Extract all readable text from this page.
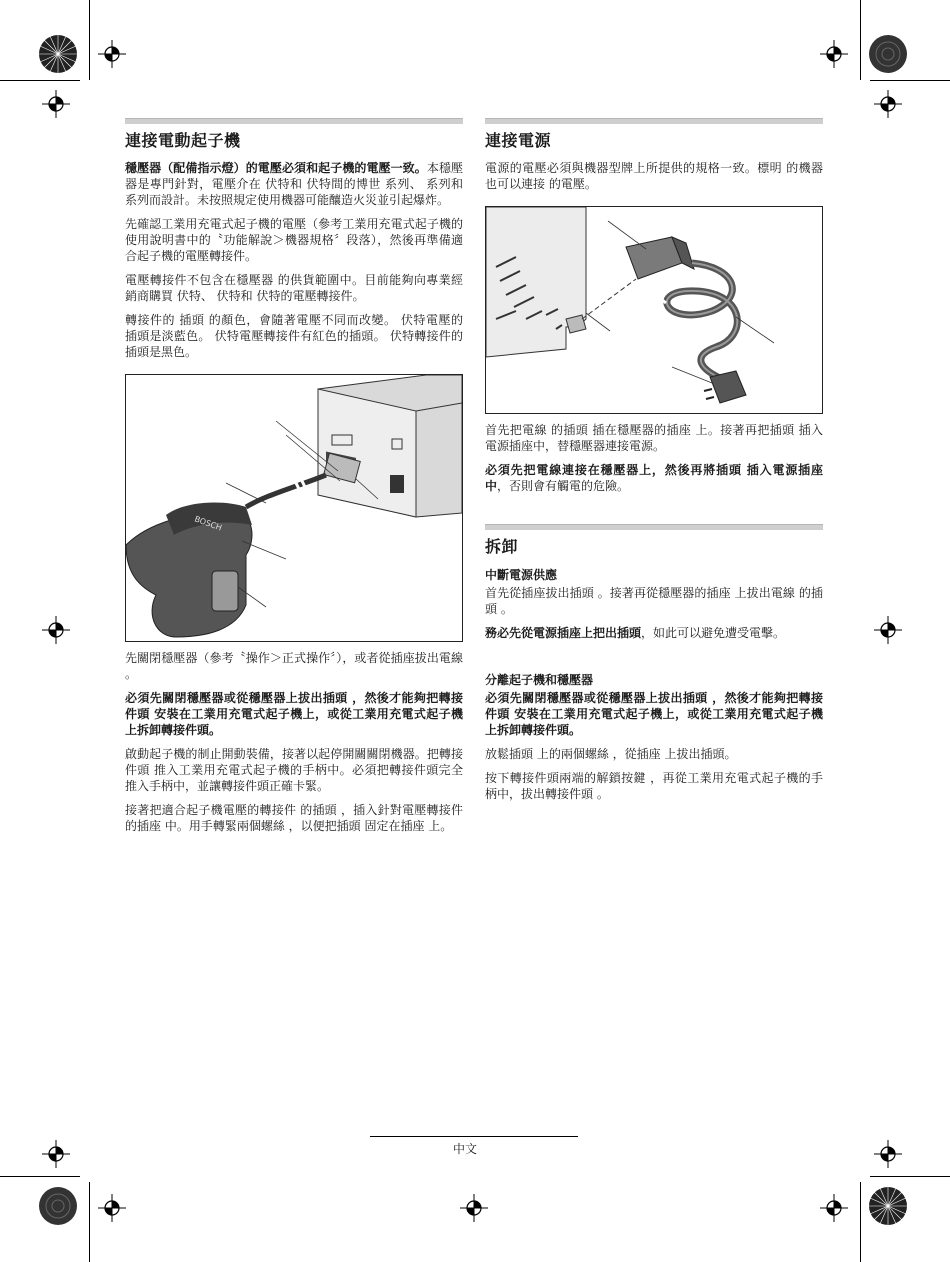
連接電動起子機

穩壓器（配備指示燈）的電壓必須和起子機的電壓一致。本穩壓器是專門針對，電壓介在 伏特和 伏特間的博世 系列、 系列和 系列而設計。未按照規定使用機器可能釀造火災並引起爆炸。

先確認工業用充電式起子機的電壓（參考工業用充電式起子機的使用說明書中的〝功能解說＞機器規格〞段落），然後再準備適合起子機的電壓轉接件。

電壓轉接件不包含在穩壓器 的供貨範圍中。目前能夠向專業經銷商購買 伏特、 伏特和 伏特的電壓轉接件。

轉接件的 插頭 的顏色，會隨著電壓不同而改變。 伏特電壓的 插頭是淡藍色。 伏特電壓轉接件有紅色的插頭。 伏特轉接件的插頭是黑色。

BOSCH

先關閉穩壓器（參考〝操作＞正式操作〞），或者從插座拔出電線 。

必須先關閉穩壓器或從穩壓器上拔出插頭 ，然後才能夠把轉接件頭 安裝在工業用充電式起子機上，或從工業用充電式起子機上拆卸轉接件頭。

啟動起子機的制止開動裝備，接著以起停開關關閉機器。把轉接件頭 推入工業用充電式起子機的手柄中。必須把轉接件頭完全推入手柄中，並讓轉接件頭正確卡緊。

接著把適合起子機電壓的轉接件 的插頭 ，插入針對電壓轉接件的插座 中。用手轉緊兩個螺絲 ，以便把插頭 固定在插座 上。

連接電源

電源的電壓必須與機器型牌上所提供的規格一致。標明 的機器也可以連接 的電壓。

首先把電線 的插頭 插在穩壓器的插座 上。接著再把插頭 插入電源插座中，替穩壓器連接電源。

必須先把電線連接在穩壓器上，然後再將插頭 插入電源插座中，否則會有觸電的危險。

拆卸
中斷電源供應

首先從插座拔出插頭 。接著再從穩壓器的插座 上拔出電線 的插頭 。

務必先從電源插座上把出插頭，如此可以避免遭受電擊。

分離起子機和穩壓器

必須先關閉穩壓器或從穩壓器上拔出插頭 ，然後才能夠把轉接件頭 安裝在工業用充電式起子機上，或從工業用充電式起子機上拆卸轉接件頭。

放鬆插頭 上的兩個螺絲 ，從插座 上拔出插頭。

按下轉接件頭兩端的解鎖按鍵 ，再從工業用充電式起子機的手柄中，拔出轉接件頭 。

中文
